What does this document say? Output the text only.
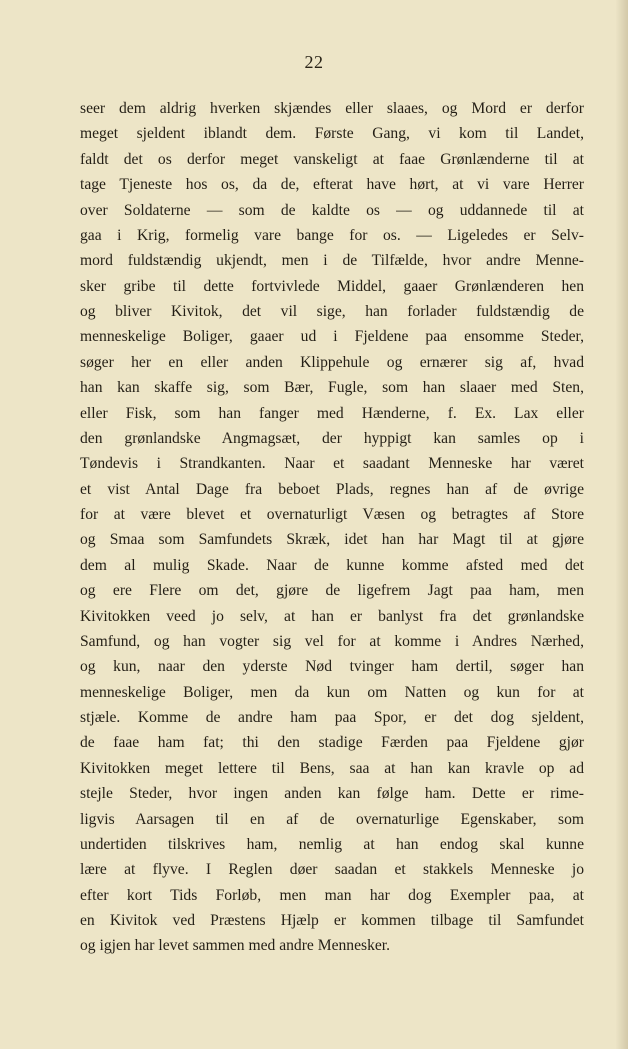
22
seer dem aldrig hverken skjændes eller slaaes, og Mord er derfor
meget sjeldent iblandt dem. Første Gang, vi kom til Landet,
faldt det os derfor meget vanskeligt at faae Grønlænderne til at
tage Tjeneste hos os, da de, efterat have hørt, at vi vare Herrer
over Soldaterne — som de kaldte os — og uddannede til at
gaa i Krig, formelig vare bange for os. — Ligeledes er Selv-
mord fuldstændig ukjendt, men i de Tilfælde, hvor andre Menne-
sker gribe til dette fortvivlede Middel, gaaer Grønlænderen hen
og bliver Kivitok, det vil sige, han forlader fuldstændig de
menneskelige Boliger, gaaer ud i Fjeldene paa ensomme Steder,
søger her en eller anden Klippehule og ernærer sig af, hvad
han kan skaffe sig, som Bær, Fugle, som han slaaer med Sten,
eller Fisk, som han fanger med Hænderne, f. Ex. Lax eller
den grønlandske Angmagsæt, der hyppigt kan samles op i
Tøndevis i Strandkanten. Naar et saadant Menneske har været
et vist Antal Dage fra beboet Plads, regnes han af de øvrige
for at være blevet et overnaturligt Væsen og betragtes af Store
og Smaa som Samfundets Skræk, idet han har Magt til at gjøre
dem al mulig Skade. Naar de kunne komme afsted med det
og ere Flere om det, gjøre de ligefrem Jagt paa ham, men
Kivitokken veed jo selv, at han er banlyst fra det grønlandske
Samfund, og han vogter sig vel for at komme i Andres Nærhed,
og kun, naar den yderste Nød tvinger ham dertil, søger han
menneskelige Boliger, men da kun om Natten og kun for at
stjæle. Komme de andre ham paa Spor, er det dog sjeldent,
de faae ham fat; thi den stadige Færden paa Fjeldene gjør
Kivitokken meget lettere til Bens, saa at han kan kravle op ad
stejle Steder, hvor ingen anden kan følge ham. Dette er rime-
ligvis Aarsagen til en af de overnaturlige Egenskaber, som
undertiden tilskrives ham, nemlig at han endog skal kunne
lære at flyve. I Reglen døer saadan et stakkels Menneske jo
efter kort Tids Forløb, men man har dog Exempler paa, at
en Kivitok ved Præstens Hjælp er kommen tilbage til Samfundet
og igjen har levet sammen med andre Mennesker.
